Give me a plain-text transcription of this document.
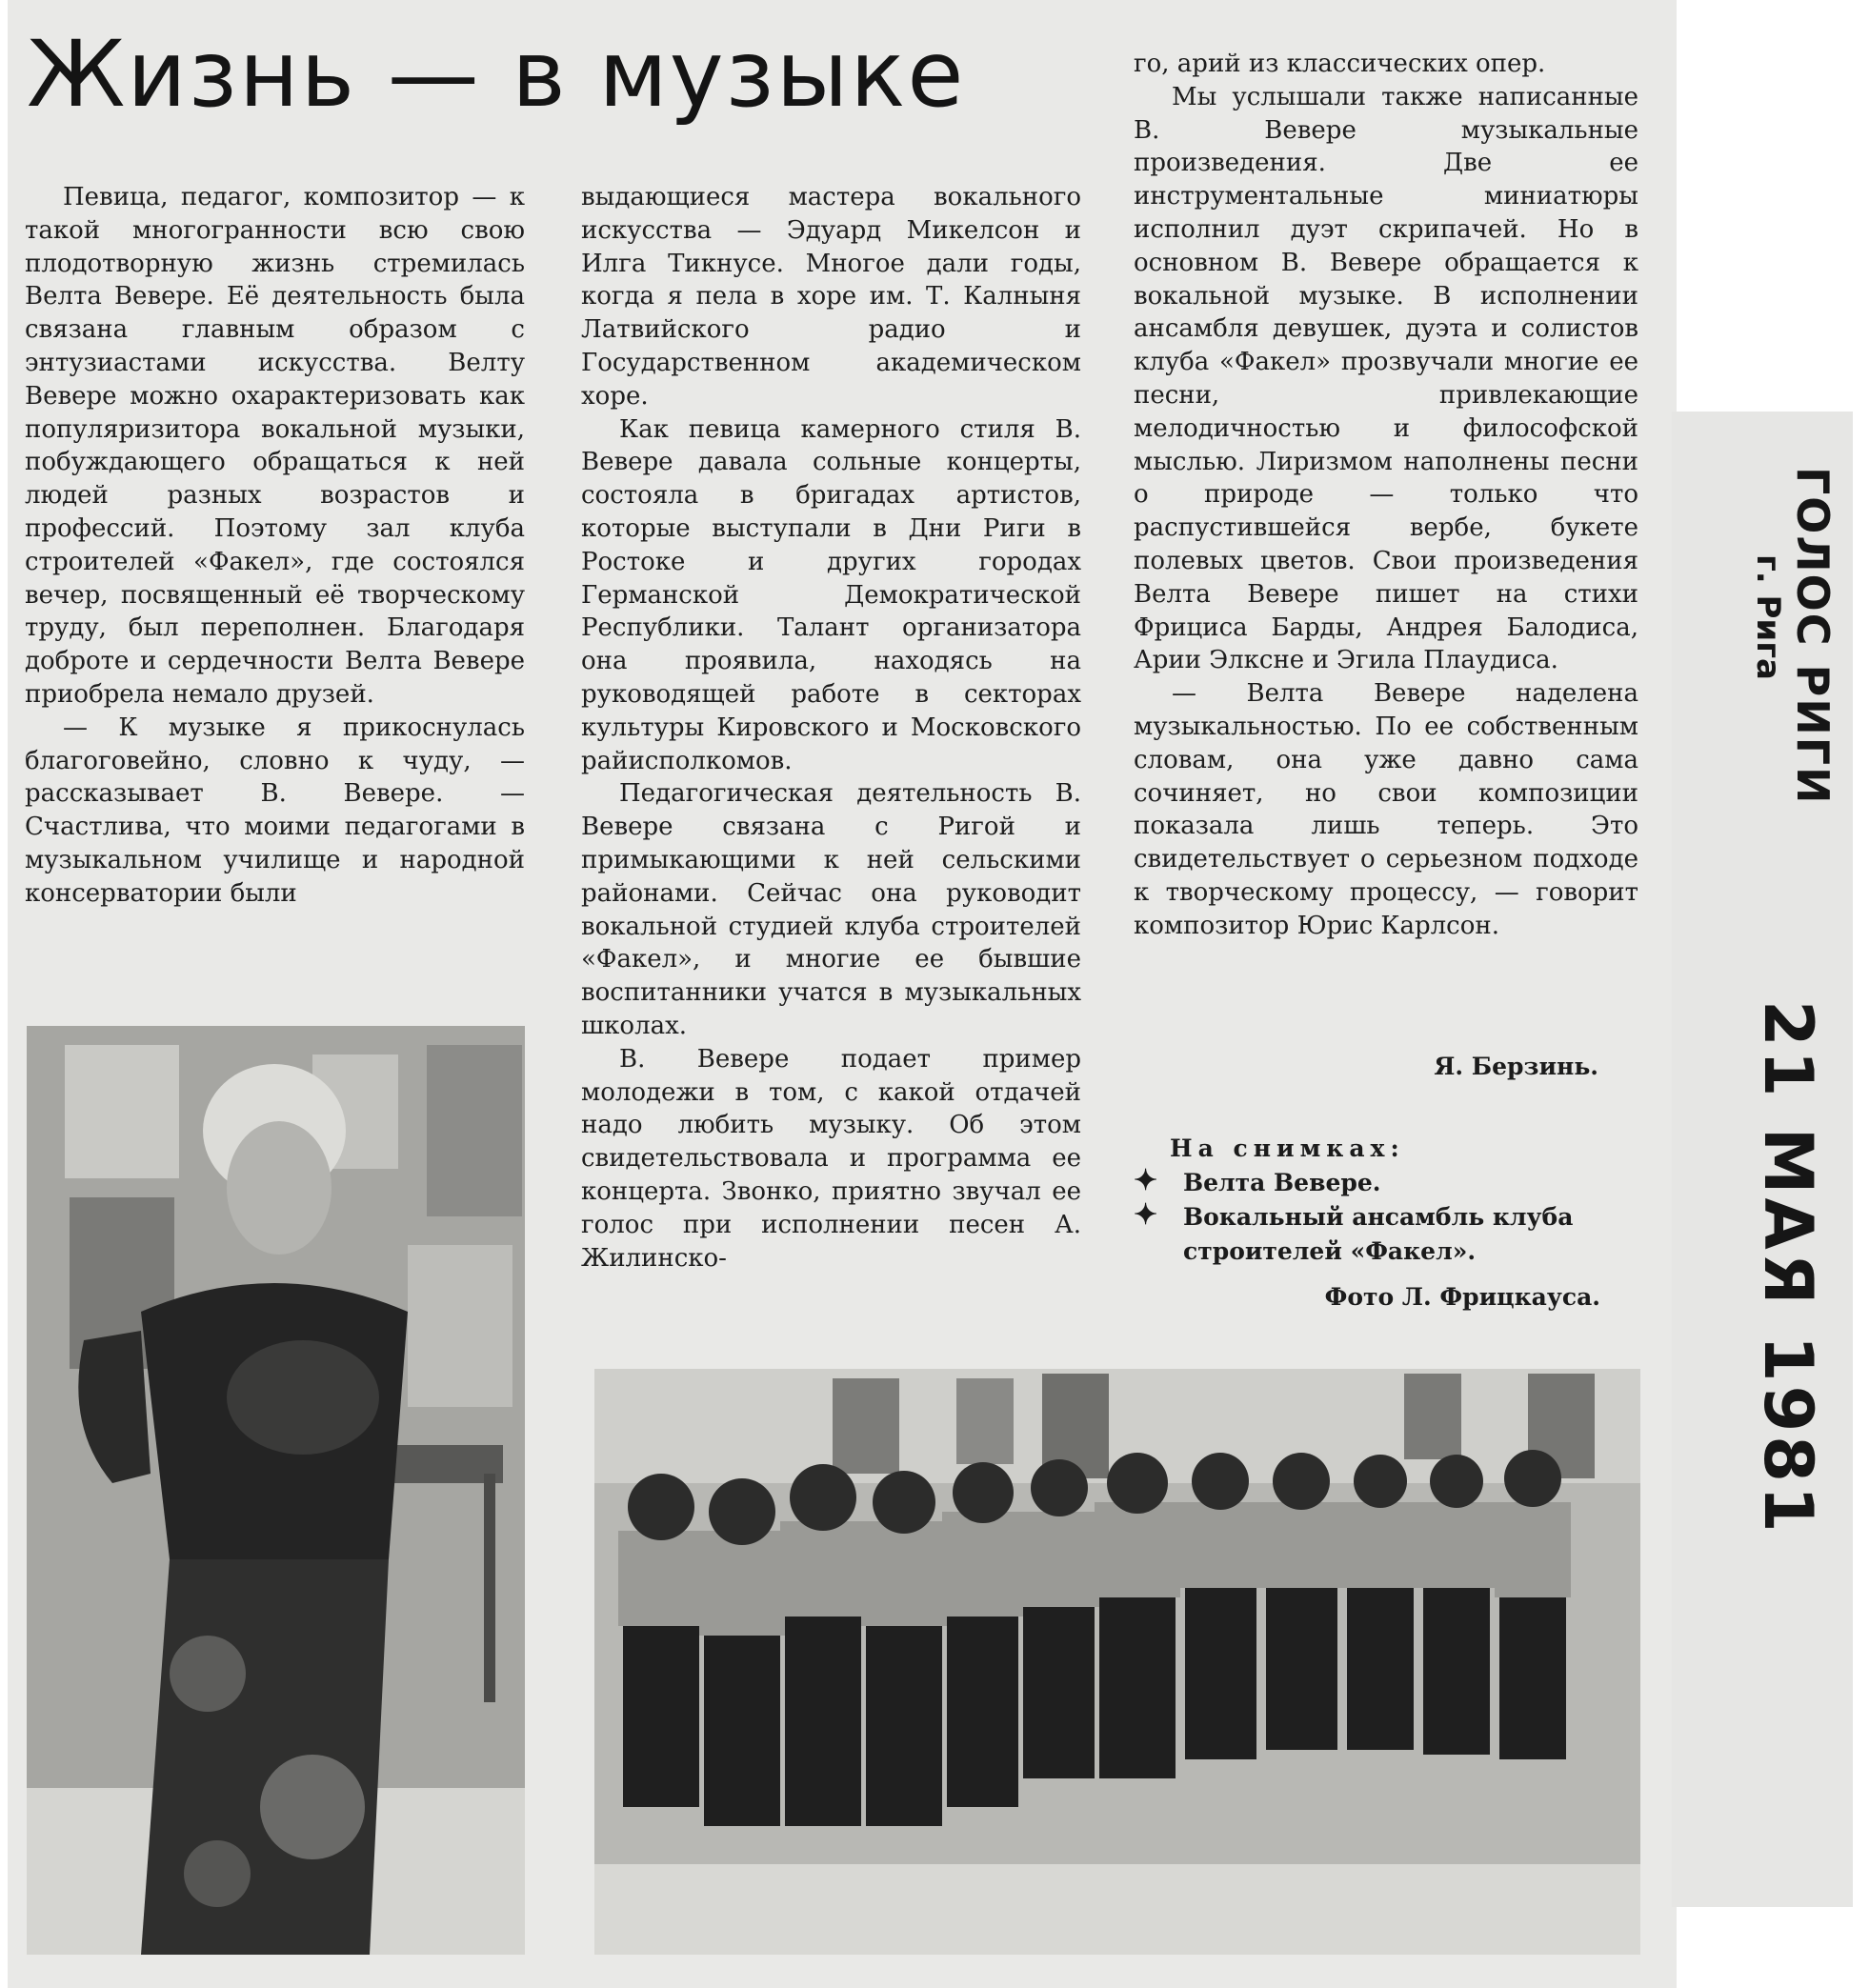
Жизнь — в музыке

Певица, педагог, композитор — к такой многогранности всю свою плодотворную жизнь стремилась Велта Вевере. Её деятельность была связана главным образом с энтузиастами искусства. Велту Вевере можно охарактеризовать как популяризитора вокальной музыки, побуждающего обращаться к ней людей разных возрастов и профессий. Поэтому зал клуба строителей «Факел», где состоялся вечер, посвященный её творческому труду, был переполнен. Благодаря доброте и сердечности Велта Вевере приобрела немало друзей.

— К музыке я прикоснулась благоговейно, словно к чуду, — рассказывает В. Вевере. — Счастлива, что моими педагогами в музыкальном училище и народной консерватории были

выдающиеся мастера вокального искусства — Эдуард Микелсон и Илга Тикнусе. Многое дали годы, когда я пела в хоре им. Т. Калныня Латвийского радио и Государственном академическом хоре.

Как певица камерного стиля В. Вевере давала сольные концерты, состояла в бригадах артистов, которые выступали в Дни Риги в Ростоке и других городах Германской Демократической Республики. Талант организатора она проявила, находясь на руководящей работе в секторах культуры Кировского и Московского райисполкомов.

Педагогическая деятельность В. Вевере связана с Ригой и примыкающими к ней сельскими районами. Сейчас она руководит вокальной студией клуба строителей «Факел», и многие ее бывшие воспитанники учатся в музыкальных школах.

В. Вевере подает пример молодежи в том, с какой отдачей надо любить музыку. Об этом свидетельствовала и программа ее концерта. Звонко, приятно звучал ее голос при исполнении песен А. Жилинско-

го, арий из классических опер.

Мы услышали также написанные В. Вевере музыкальные произведения. Две ее инструментальные миниатюры исполнил дуэт скрипачей. Но в основном В. Вевере обращается к вокальной музыке. В исполнении ансамбля девушек, дуэта и солистов клуба «Факел» прозвучали многие ее песни, привлекающие мелодичностью и философской мыслью. Лиризмом наполнены песни о природе — только что распустившейся вербе, букете полевых цветов. Свои произведения Велта Вевере пишет на стихи Фрициса Барды, Андрея Балодиса, Арии Элксне и Эгила Плаудиса.

— Велта Вевере наделена музыкальностью. По ее собственным словам, она уже давно сама сочиняет, но свои композиции показала лишь теперь. Это свидетельствует о серьезном подходе к творческому процессу, — говорит композитор Юрис Карлсон.

Я. Берзинь.
На снимках:
✦ Велта Вевере.
✦ Вокальный ансамбль клуба строителей «Факел».
Фото Л. Фрицкауса.
ГОЛОС РИГИ
г. Рига
21 МАЯ 1981
